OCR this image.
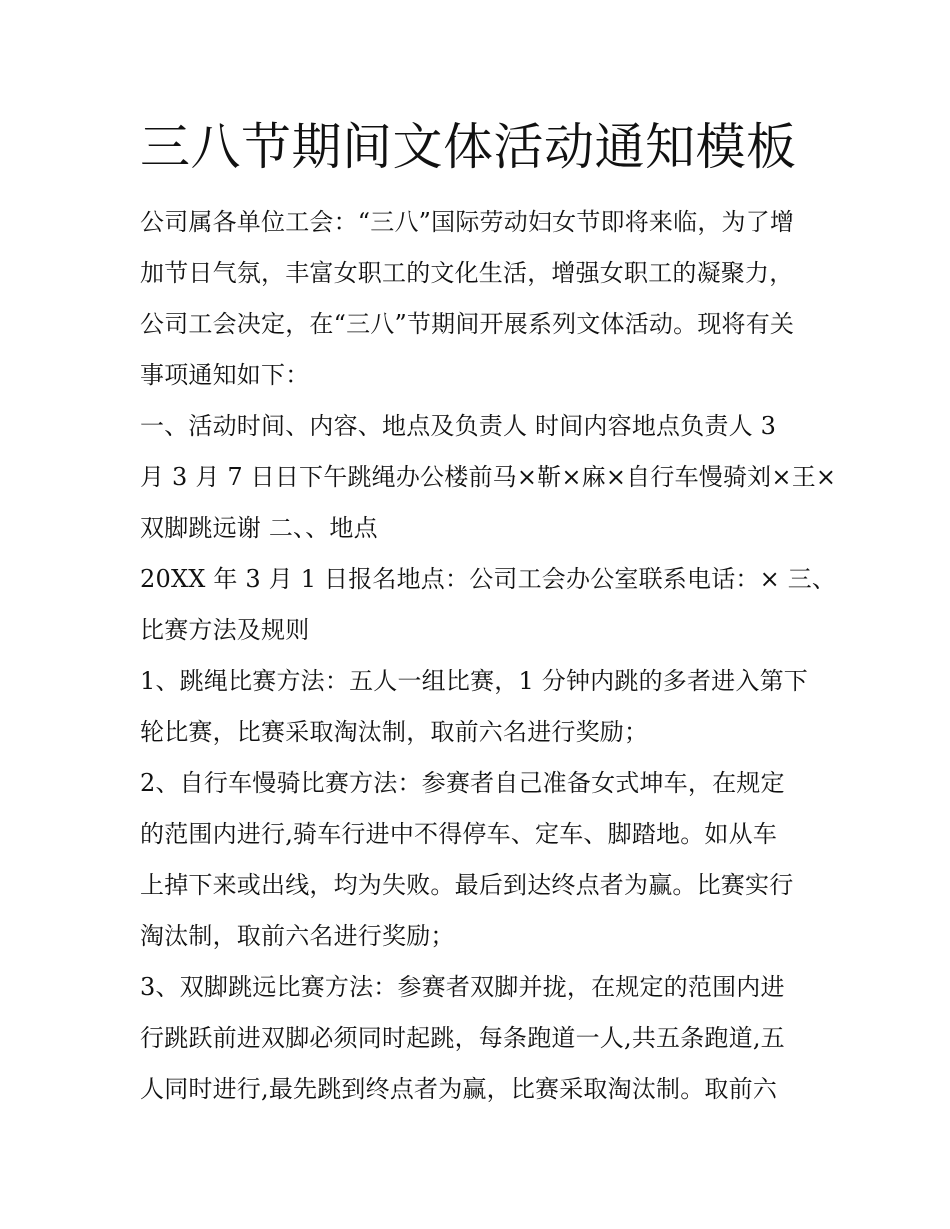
三八节期间文体活动通知模板
公司属各单位工会：“三八”国际劳动妇女节即将来临，为了增
加节日气氛，丰富女职工的文化生活，增强女职工的凝聚力，
公司工会决定，在“三八”节期间开展系列文体活动。现将有关
事项通知如下：
一、活动时间、内容、地点及负责人 时间内容地点负责人 3
月 3 月 7 日日下午跳绳办公楼前马×靳×麻×自行车慢骑刘×王×
双脚跳远谢 二、、地点
20XX 年 3 月 1 日报名地点：公司工会办公室联系电话：× 三、
比赛方法及规则
1、跳绳比赛方法：五人一组比赛，1 分钟内跳的多者进入第下
轮比赛，比赛采取淘汰制，取前六名进行奖励；
2、自行车慢骑比赛方法：参赛者自己准备女式坤车，在规定
的范围内进行,骑车行进中不得停车、定车、脚踏地。如从车
上掉下来或出线，均为失败。最后到达终点者为赢。比赛实行
淘汰制，取前六名进行奖励；
3、双脚跳远比赛方法：参赛者双脚并拢，在规定的范围内进
行跳跃前进双脚必须同时起跳，每条跑道一人,共五条跑道,五
人同时进行,最先跳到终点者为赢，比赛采取淘汰制。取前六
